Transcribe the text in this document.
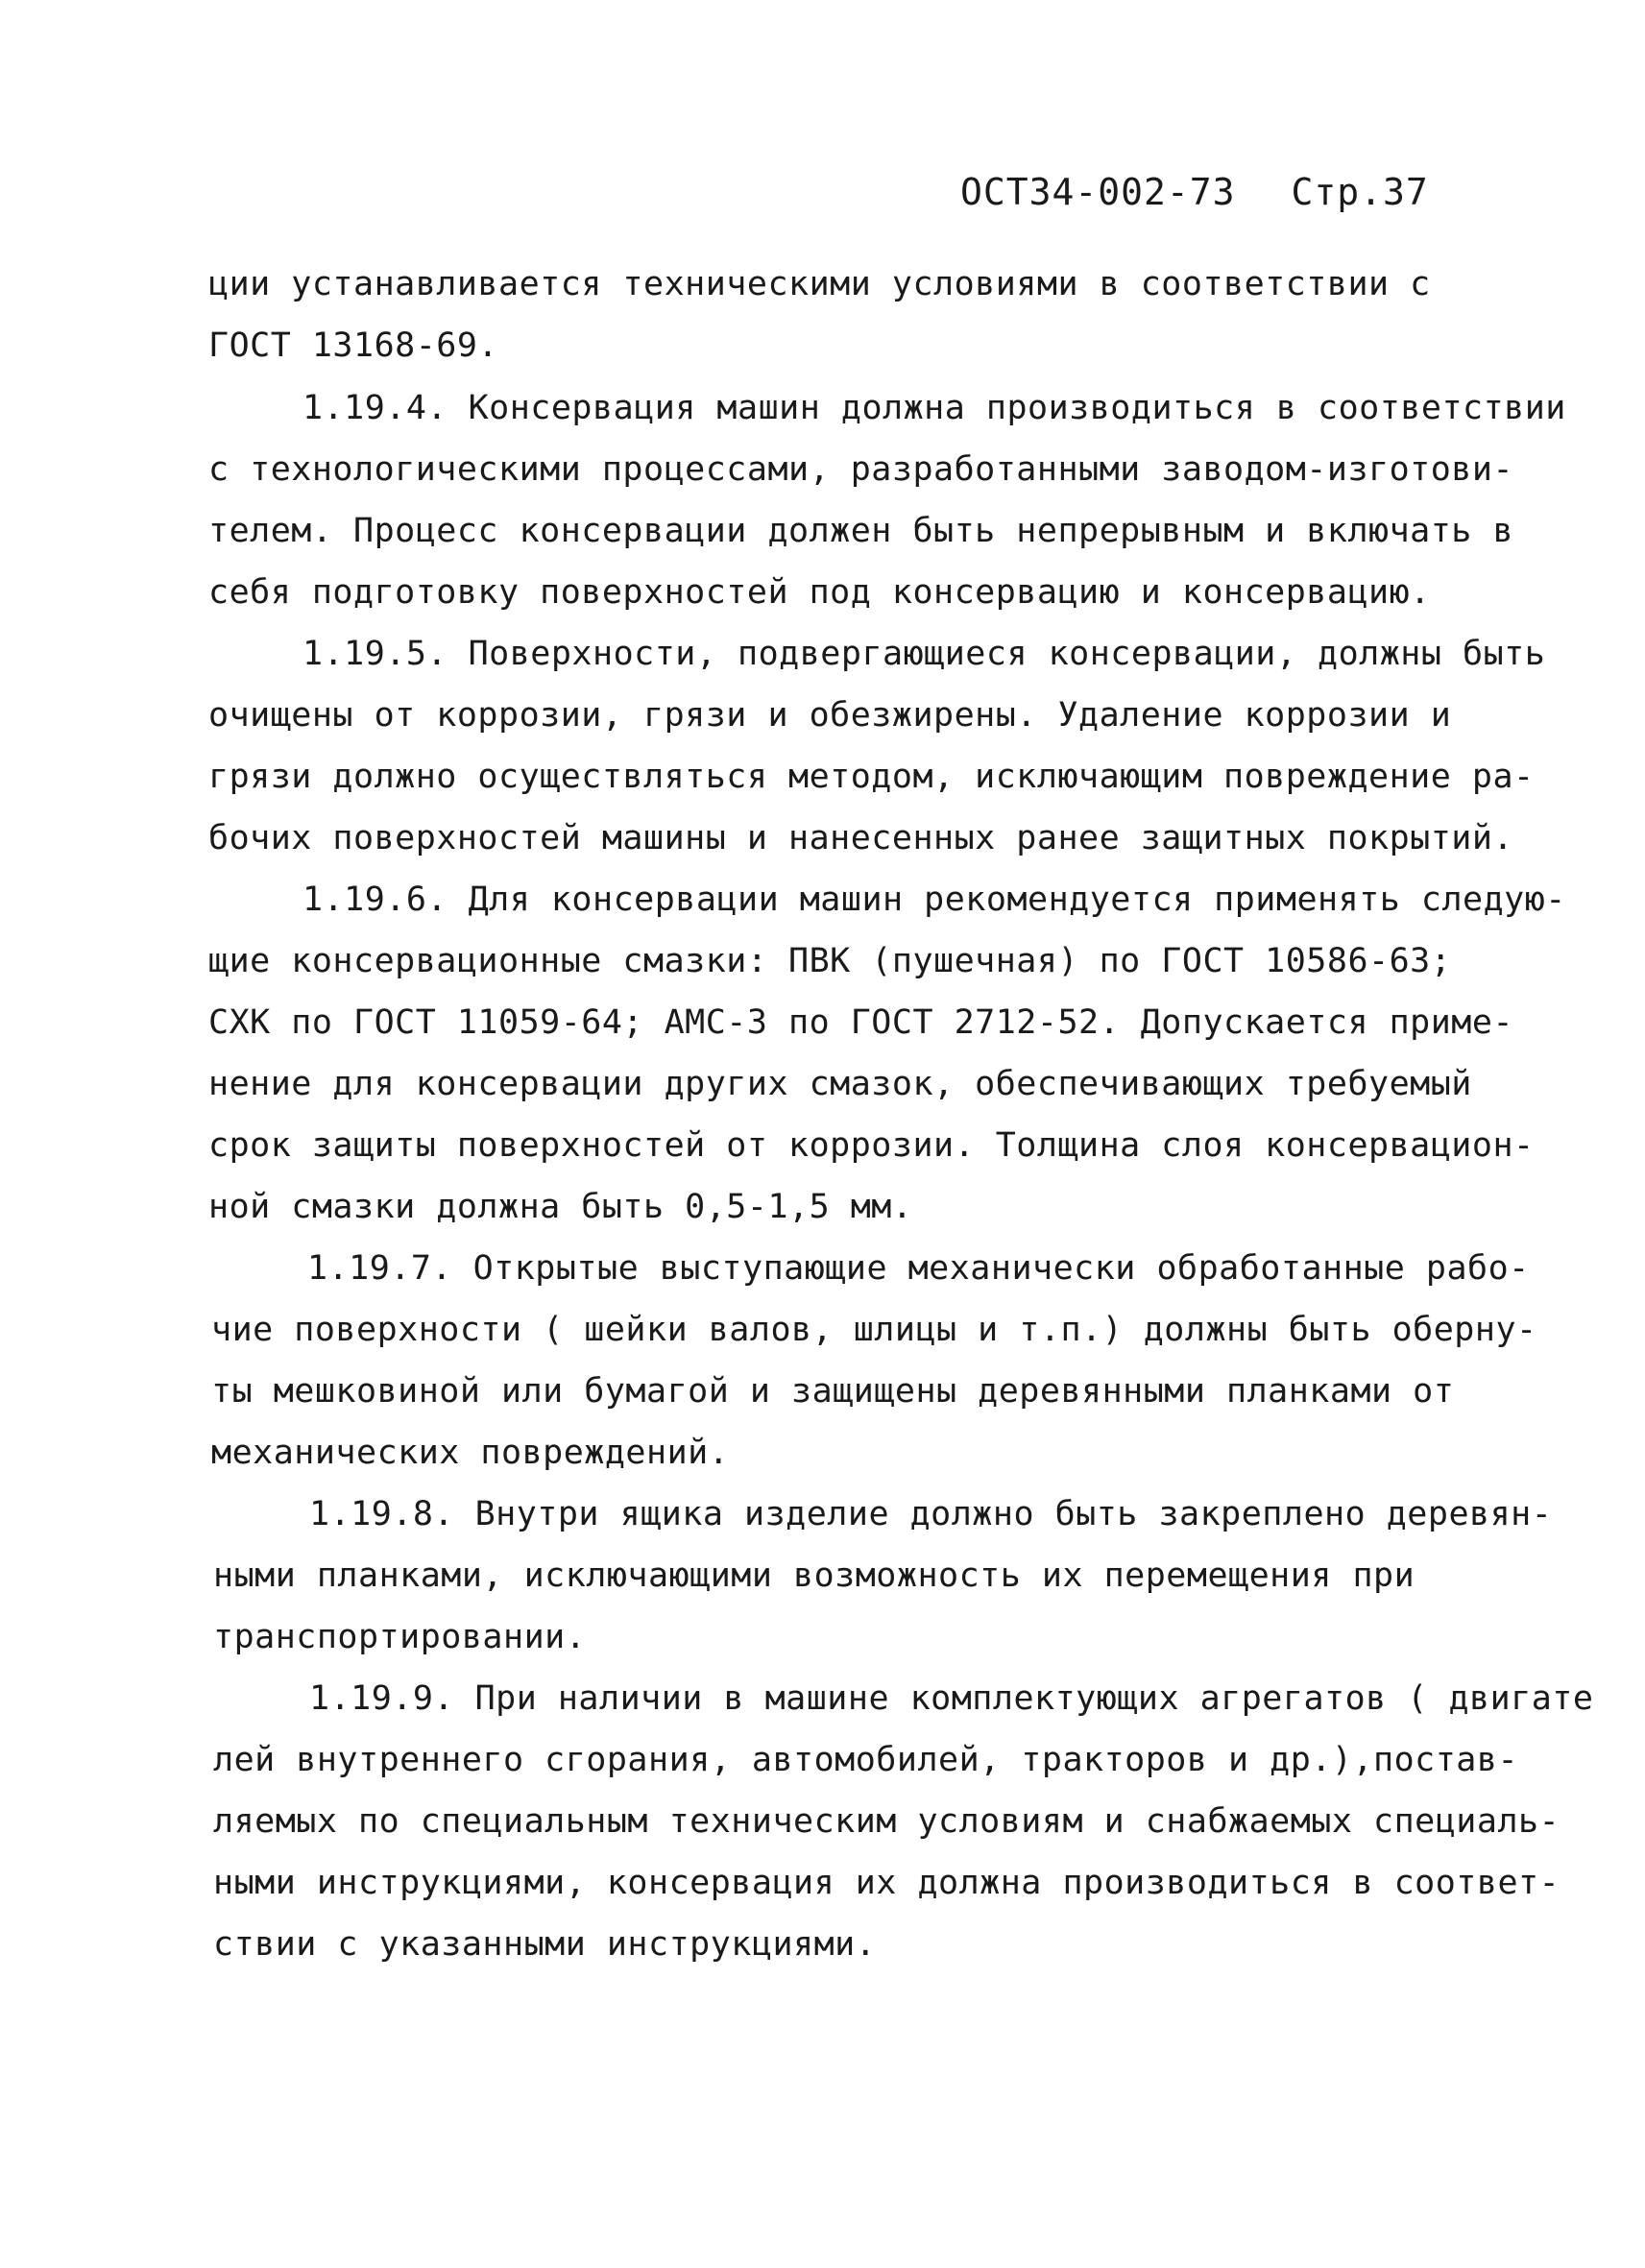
ОСТ34-002-73 Стр.37
ции устанавливается техническими условиями в соответствии с
ГОСТ 13168-69.
1.19.4. Консервация машин должна производиться в соответствии
с технологическими процессами, разработанными заводом-изготови-
телем. Процесс консервации должен быть непрерывным и включать в
себя подготовку поверхностей под консервацию и консервацию.
1.19.5. Поверхности, подвергающиеся консервации, должны быть
очищены от коррозии, грязи и обезжирены. Удаление коррозии и
грязи должно осуществляться методом, исключающим повреждение ра-
бочих поверхностей машины и нанесенных ранее защитных покрытий.
1.19.6. Для консервации машин рекомендуется применять следую-
щие консервационные смазки: ПВК (пушечная) по ГОСТ 10586-63;
СХК по ГОСТ 11059-64; АМС-3 по ГОСТ 2712-52. Допускается приме-
нение для консервации других смазок, обеспечивающих требуемый
срок защиты поверхностей от коррозии. Толщина слоя консервацион-
ной смазки должна быть 0,5-1,5 мм.
1.19.7. Открытые выступающие механически обработанные рабо-
чие поверхности ( шейки валов, шлицы и т.п.) должны быть оберну-
ты мешковиной или бумагой и защищены деревянными планками от
механических повреждений.
1.19.8. Внутри ящика изделие должно быть закреплено деревян-
ными планками, исключающими возможность их перемещения при
транспортировании.
1.19.9. При наличии в машине комплектующих агрегатов ( двигате
лей внутреннего сгорания, автомобилей, тракторов и др.),постав-
ляемых по специальным техническим условиям и снабжаемых специаль-
ными инструкциями, консервация их должна производиться в соответ-
ствии с указанными инструкциями.
